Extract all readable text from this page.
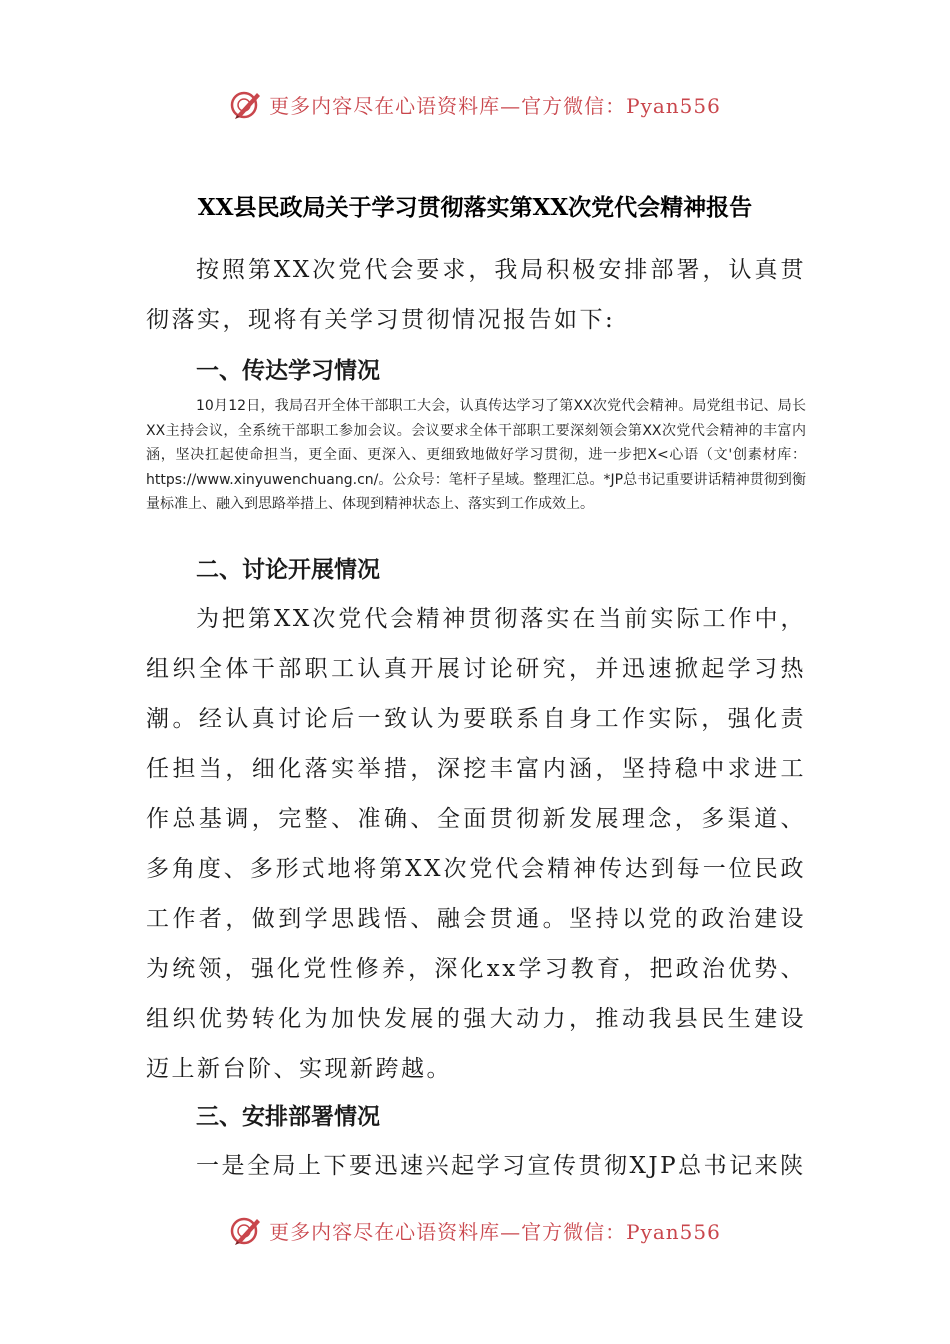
更多内容尽在心语资料库—官方微信：Pyan556
XX县民政局关于学习贯彻落实第XX次党代会精神报告

按照第XX次党代会要求，我局积极安排部署，认真贯彻落实，现将有关学习贯彻情况报告如下:

一、传达学习情况

10月12日，我局召开全体干部职工大会，认真传达学习了第XX次党代会精神。局党组书记、局长XX主持会议，全系统干部职工参加会议。会议要求全体干部职工要深刻领会第XX次党代会精神的丰富内涵，坚决扛起使命担当，更全面、更深入、更细致地做好学习贯彻，进一步把X<心语（文'创素材库：https://www.xinyuwenchuang.cn/。公众号：笔杆子星域。整理汇总。*JP总书记重要讲话精神贯彻到衡量标准上、融入到思路举措上、体现到精神状态上、落实到工作成效上。

二、讨论开展情况

为把第XX次党代会精神贯彻落实在当前实际工作中，组织全体干部职工认真开展讨论研究，并迅速掀起学习热潮。经认真讨论后一致认为要联系自身工作实际，强化责任担当，细化落实举措，深挖丰富内涵，坚持稳中求进工作总基调，完整、准确、全面贯彻新发展理念，多渠道、多角度、多形式地将第XX次党代会精神传达到每一位民政工作者，做到学思践悟、融会贯通。坚持以党的政治建设为统领，强化党性修养，深化xx学习教育，把政治优势、组织优势转化为加快发展的强大动力，推动我县民生建设迈上新台阶、实现新跨越。

三、安排部署情况

一是全局上下要迅速兴起学习宣传贯彻XJP总书记来陕

更多内容尽在心语资料库—官方微信：Pyan556
